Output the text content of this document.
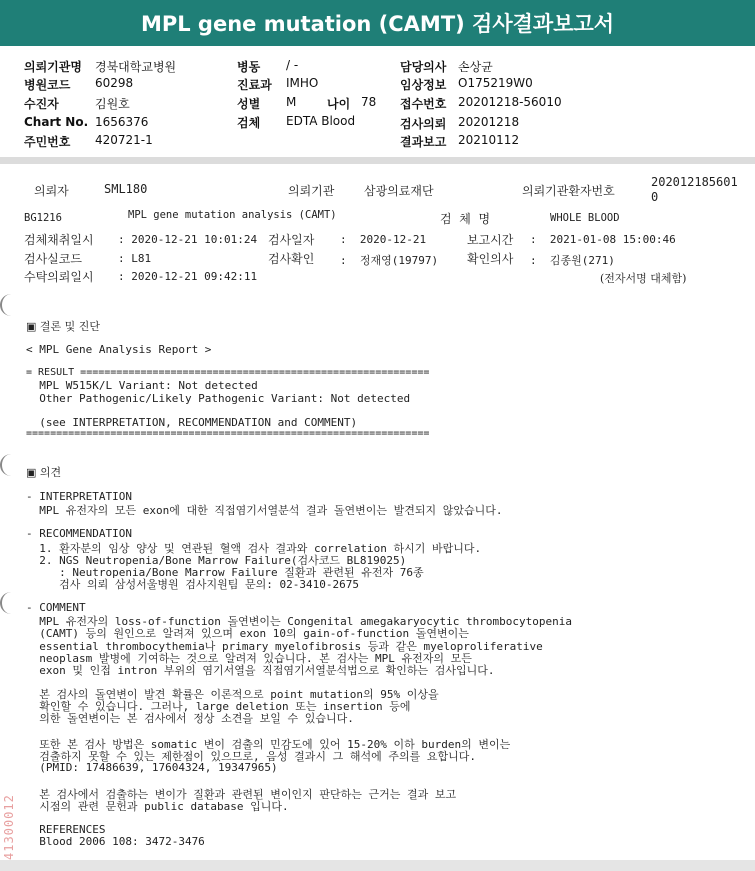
MPL gene mutation (CAMT) 검사결과보고서
의뢰기관명 경북대학교병원
병원코드 60298
수진자	김원호
Chart No. 1656376
주민번호 420721-1
병동 / -
진료과 IMHO
성별 M	나이 78
검체 EDTA Blood
담당의사 손상균
임상정보 O175219W0
접수번호 20201218-56010
검사의뢰 20201218
결과보고 20210112
의뢰자	SML180	의뢰기관 삼광의료재단	의뢰기관환자번호
202012185601
0
BG1216	MPL gene mutation analysis (CAMT)	검  체  명	WHOLE BLOOD
검체채취일시 : 2020-12-21 10:01:24 검사일자 :  2020-12-21	보고시간 :  2021-01-08 15:00:46
검사실코드	: L81	검사확인 :  정재영(19797) 확인의사 :  김종원(271)
수탁의뢰일시 : 2020-12-21 09:42:11	(전자서명 대체함)
▣ 결론 및 진단
< MPL Gene Analysis Report >
= RESULT ==========================================================
MPL W515K/L Variant: Not detected
Other Pathogenic/Likely Pathogenic Variant: Not detected
(see INTERPRETATION, RECOMMENDATION and COMMENT)
===================================================================
▣ 의견
- INTERPRETATION
MPL 유전자의 모든 exon에 대한 직접염기서열분석 결과 돌연변이는 발견되지 않았습니다.
- RECOMMENDATION
1. 환자분의 임상 양상 및 연관된 혈액 검사 결과와 correlation 하시기 바랍니다.
2. NGS Neutropenia/Bone Marrow Failure(검사코드 BL819025)
: Neutropenia/Bone Marrow Failure 질환과 관련된 유전자 76종
검사 의뢰 삼성서울병원 검사지원팀 문의: 02-3410-2675
- COMMENT
MPL 유전자의 loss-of-function 돌연변이는 Congenital amegakaryocytic thrombocytopenia
(CAMT) 등의 원인으로 알려져 있으며 exon 10의 gain-of-function 돌연변이는
essential thrombocythemia나 primary myelofibrosis 등과 같은 myeloproliferative
neoplasm 발병에 기여하는 것으로 알려져 있습니다. 본 검사는 MPL 유전자의 모든
exon 및 인접 intron 부위의 염기서열을 직접염기서열분석법으로 확인하는 검사입니다.
본 검사의 돌연변이 발견 확률은 이론적으로 point mutation의 95% 이상을
확인할 수 있습니다. 그러나, large deletion 또는 insertion 등에
의한 돌연변이는 본 검사에서 정상 소견을 보일 수 있습니다.
또한 본 검사 방법은 somatic 변이 검출의 민감도에 있어 15-20% 이하 burden의 변이는
검출하지 못할 수 있는 제한점이 있으므로, 음성 결과시 그 해석에 주의를 요합니다.
(PMID: 17486639, 17604324, 19347965)
본 검사에서 검출하는 변이가 질환과 관련된 변이인지 판단하는 근거는 결과 보고
시점의 관련 문헌과 public database 입니다.
REFERENCES
Blood 2006 108: 3472-3476
41300012
